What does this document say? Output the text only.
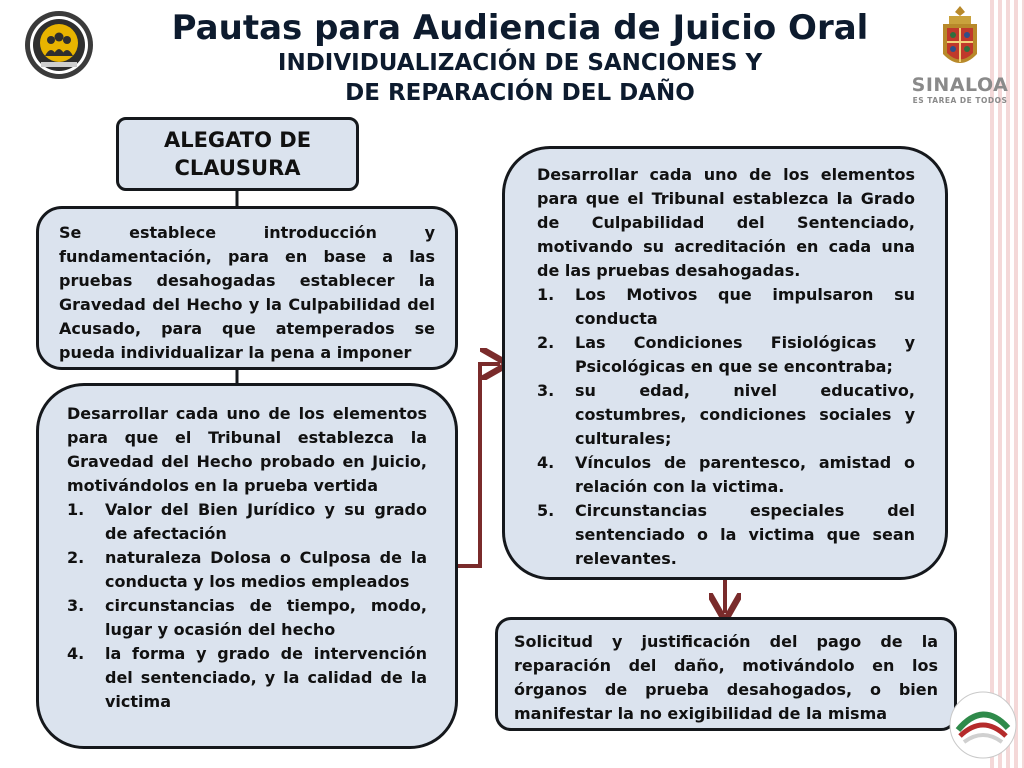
Pautas para Audiencia de Juicio Oral
INDIVIDUALIZACIÓN DE SANCIONES Y
DE REPARACIÓN DEL DAÑO	SINALOA
ES TAREA DE TODOS
ALEGATO DE
CLAUSURA

Se establece introducción y fundamentación, para en base a las pruebas desahogadas establecer la Gravedad del Hecho y la Culpabilidad del Acusado, para que atemperados se pueda individualizar la pena a imponer

Desarrollar cada uno de los elementos para que el Tribunal establezca la Gravedad del Hecho probado en Juicio, motivándolos en la prueba vertida

1. Valor del Bien Jurídico y su grado de afectación
2. naturaleza Dolosa o Culposa de la conducta y los medios empleados
3. circunstancias de tiempo, modo, lugar y ocasión del hecho
4. la forma y grado de intervención del sentenciado, y la calidad de la victima

Desarrollar cada uno de los elementos para que el Tribunal establezca la Grado de Culpabilidad del Sentenciado, motivando su acreditación en cada una de las pruebas desahogadas.

1. Los Motivos que impulsaron su conducta
2. Las Condiciones Fisiológicas y Psicológicas en que se encontraba;
3. su edad, nivel educativo, costumbres, condiciones sociales y culturales;
4. Vínculos de parentesco, amistad o relación con la victima.
5. Circunstancias especiales del sentenciado o la victima que sean relevantes.

Solicitud y justificación del pago de la reparación del daño, motivándolo en los órganos de prueba desahogados, o bien manifestar la no exigibilidad de la misma
